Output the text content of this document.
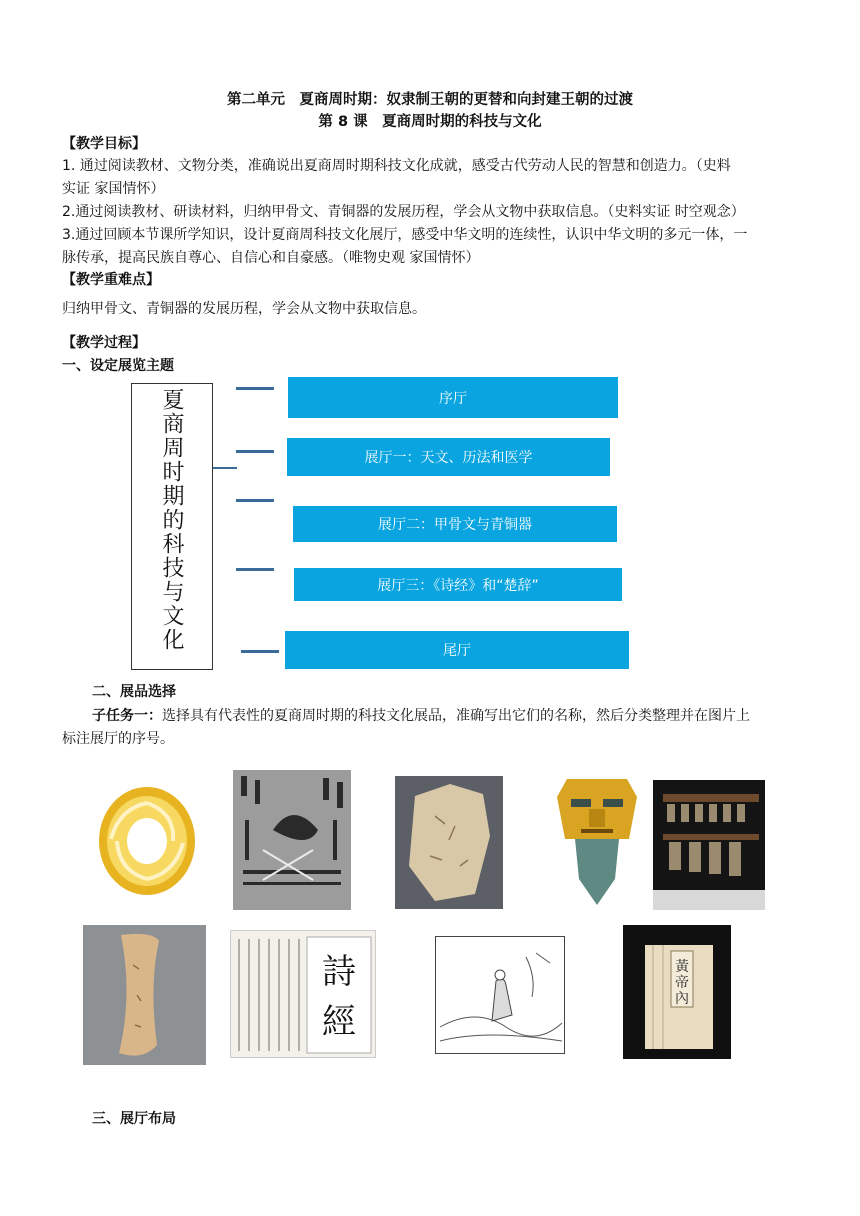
第二单元　夏商周时期：奴隶制王朝的更替和向封建王朝的过渡
第 8 课　夏商周时期的科技与文化
【教学目标】
1. 通过阅读教材、文物分类，准确说出夏商周时期科技文化成就，感受古代劳动人民的智慧和创造力。（史料
实证 家国情怀）
2.通过阅读教材、研读材料，归纳甲骨文、青铜器的发展历程，学会从文物中获取信息。（史料实证 时空观念）
3.通过回顾本节课所学知识，设计夏商周科技文化展厅，感受中华文明的连续性，认识中华文明的多元一体，一
脉传承，提高民族自尊心、自信心和自豪感。（唯物史观 家国情怀）
【教学重难点】
归纳甲骨文、青铜器的发展历程，学会从文物中获取信息。
【教学过程】
一、设定展览主题
夏商周时期的科技与文化	序厅
展厅一：天文、历法和医学
展厅二：甲骨文与青铜器
展厅三：《诗经》和“楚辞”
尾厅
二、展品选择
子任务一：选择具有代表性的夏商周时期的科技文化展品，准确写出它们的名称，然后分类整理并在图片上
标注展厅的序号。
詩
經
黃
帝
內
三、展厅布局
